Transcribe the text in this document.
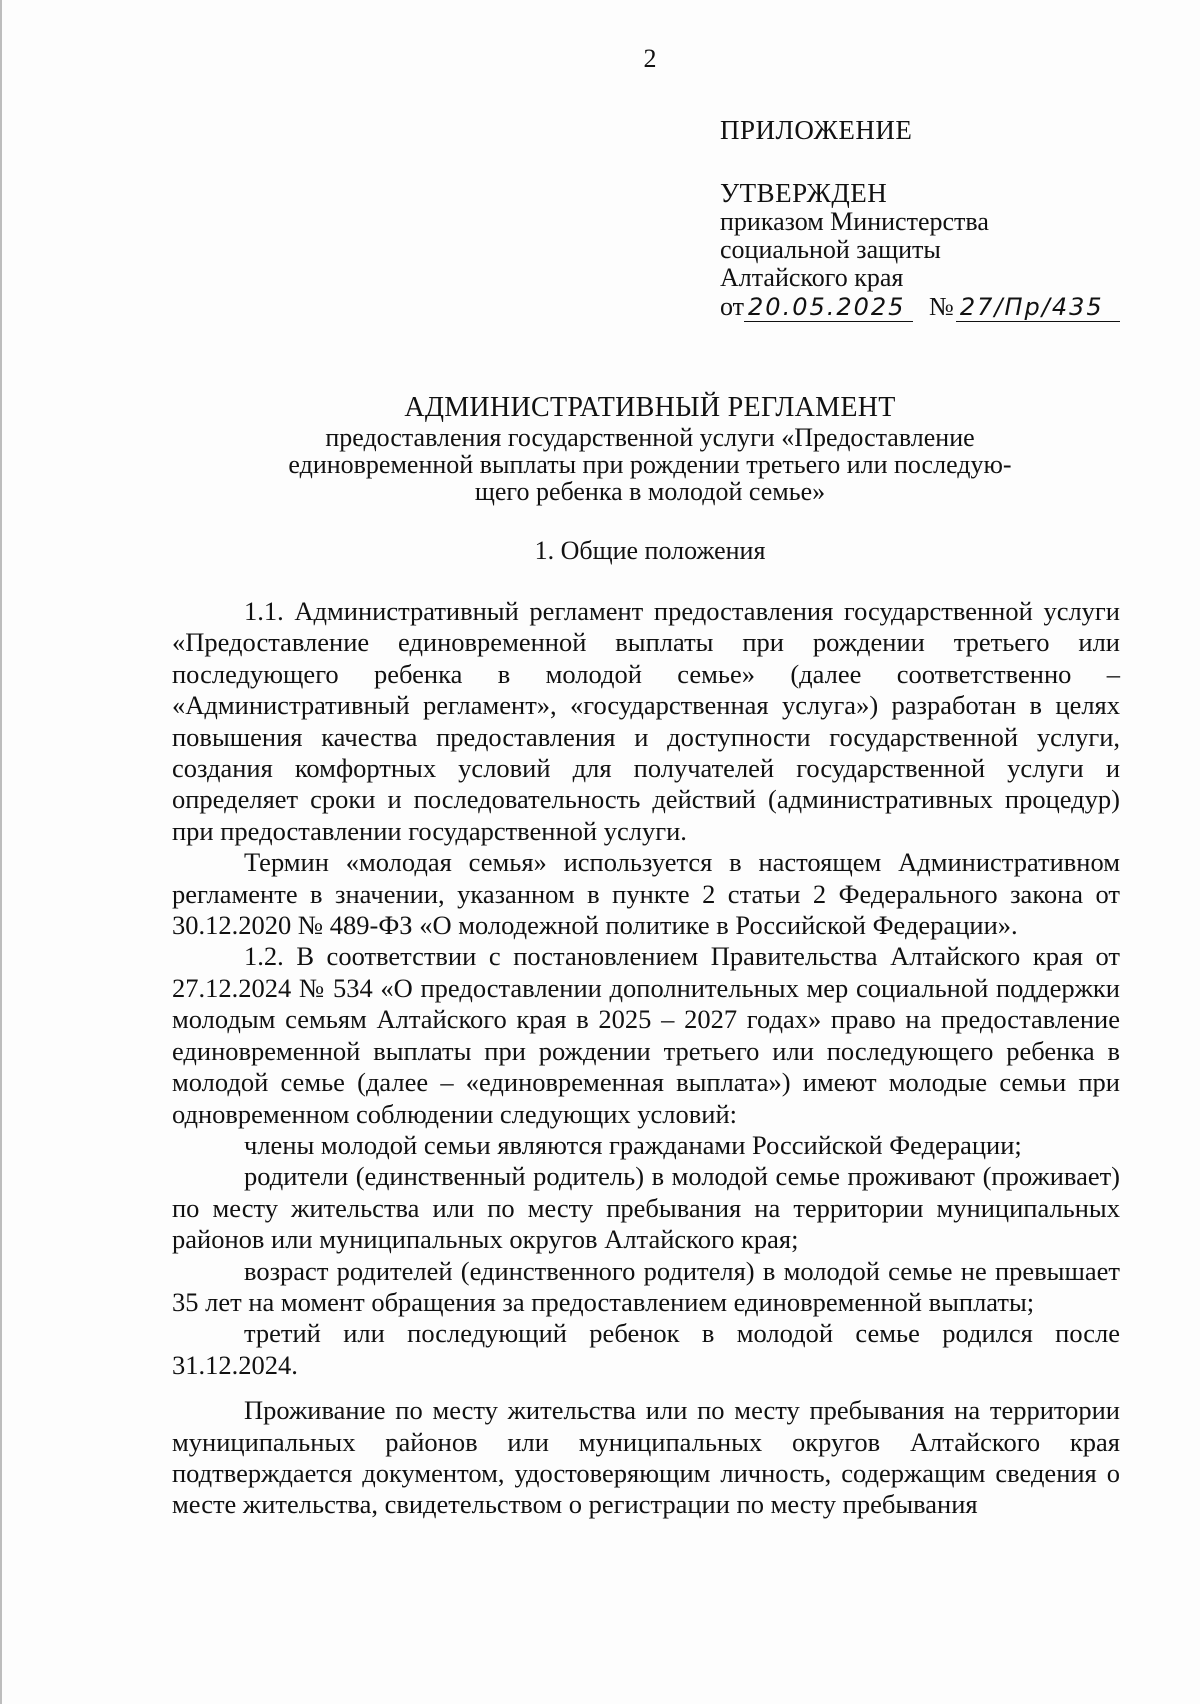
2
ПРИЛОЖЕНИЕ
УТВЕРЖДЕН
приказом Министерства
социальной защиты
Алтайского края
от 20.05.2025 № 27/Пр/435
АДМИНИСТРАТИВНЫЙ РЕГЛАМЕНТ
предоставления государственной услуги «Предоставление
единовременной выплаты при рождении третьего или последую-
щего ребенка в молодой семье»
1. Общие положения

1.1. Административный регламент предоставления государственной услуги «Предоставление единовременной выплаты при рождении третьего или последующего ребенка в молодой семье» (далее соответственно – «Административный регламент», «государственная услуга») разработан в целях повышения качества предоставления и доступности государственной услуги, создания комфортных условий для получателей государственной услуги и определяет сроки и последовательность действий (административных процедур) при предоставлении государственной услуги.

Термин «молодая семья» используется в настоящем Административном регламенте в значении, указанном в пункте 2 статьи 2 Федерального закона от 30.12.2020 № 489-ФЗ «О молодежной политике в Российской Федерации».

1.2. В соответствии с постановлением Правительства Алтайского края от 27.12.2024 № 534 «О предоставлении дополнительных мер социальной поддержки молодым семьям Алтайского края в 2025 – 2027 годах» право на предоставление единовременной выплаты при рождении третьего или последующего ребенка в молодой семье (далее – «единовременная выплата») имеют молодые семьи при одновременном соблюдении следующих условий:

члены молодой семьи являются гражданами Российской Федерации;

родители (единственный родитель) в молодой семье проживают (проживает) по месту жительства или по месту пребывания на территории муниципальных районов или муниципальных округов Алтайского края;

возраст родителей (единственного родителя) в молодой семье не превышает 35 лет на момент обращения за предоставлением единовременной выплаты;

третий или последующий ребенок в молодой семье родился после 31.12.2024.

Проживание по месту жительства или по месту пребывания на территории муниципальных районов или муниципальных округов Алтайского края подтверждается документом, удостоверяющим личность, содержащим сведения о месте жительства, свидетельством о регистрации по месту пребывания
